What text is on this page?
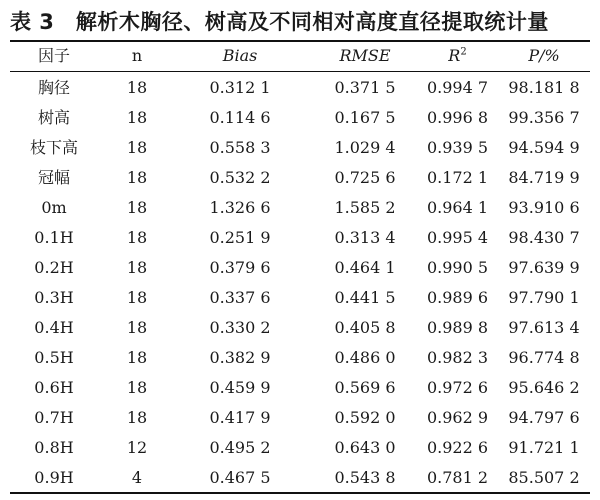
表 3　解析木胸径、树高及不同相对高度直径提取统计量
因子	n	Bias	RMSE	$R^2$	P/%
胸径	18	0.312 1	0.371 5	0.994 7	98.181 8
树高	18	0.114 6	0.167 5	0.996 8	99.356 7
枝下高	18	0.558 3	1.029 4	0.939 5	94.594 9
冠幅	18	0.532 2	0.725 6	0.172 1	84.719 9
0m	18	1.326 6	1.585 2	0.964 1	93.910 6
0.1H	18	0.251 9	0.313 4	0.995 4	98.430 7
0.2H	18	0.379 6	0.464 1	0.990 5	97.639 9
0.3H	18	0.337 6	0.441 5	0.989 6	97.790 1
0.4H	18	0.330 2	0.405 8	0.989 8	97.613 4
0.5H	18	0.382 9	0.486 0	0.982 3	96.774 8
0.6H	18	0.459 9	0.569 6	0.972 6	95.646 2
0.7H	18	0.417 9	0.592 0	0.962 9	94.797 6
0.8H	12	0.495 2	0.643 0	0.922 6	91.721 1
0.9H	4	0.467 5	0.543 8	0.781 2	85.507 2
